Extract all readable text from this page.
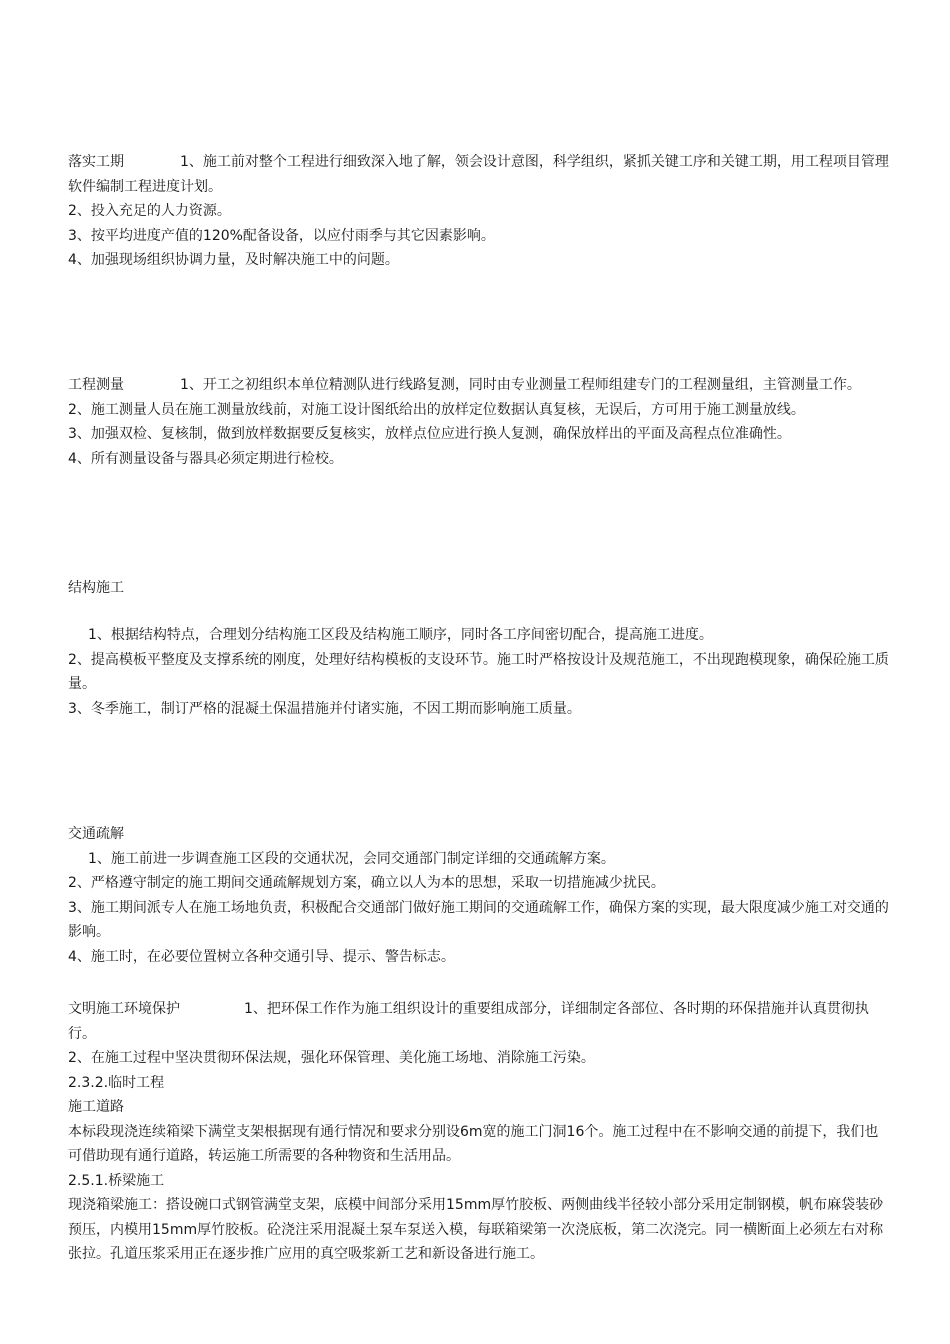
落实工期	1、施工前对整个工程进行细致深入地了解，领会设计意图，科学组织，紧抓关键工序和关键工期，用工程项目管理软件编制工程进度计划。
2、投入充足的人力资源。
3、按平均进度产值的120%配备设备，以应付雨季与其它因素影响。
4、加强现场组织协调力量，及时解决施工中的问题。
工程测量	1、开工之初组织本单位精测队进行线路复测，同时由专业测量工程师组建专门的工程测量组，主管测量工作。
2、施工测量人员在施工测量放线前，对施工设计图纸给出的放样定位数据认真复核，无误后，方可用于施工测量放线。
3、加强双检、复核制，做到放样数据要反复核实，放样点位应进行换人复测，确保放样出的平面及高程点位准确性。
4、所有测量设备与器具必须定期进行检校。
结构施工
1、根据结构特点，合理划分结构施工区段及结构施工顺序，同时各工序间密切配合，提高施工进度。
2、提高模板平整度及支撑系统的刚度，处理好结构模板的支设环节。施工时严格按设计及规范施工，不出现跑模现象，确保砼施工质量。
3、冬季施工，制订严格的混凝土保温措施并付诸实施，不因工期而影响施工质量。
交通疏解
1、施工前进一步调查施工区段的交通状况，会同交通部门制定详细的交通疏解方案。
2、严格遵守制定的施工期间交通疏解规划方案，确立以人为本的思想，采取一切措施减少扰民。
3、施工期间派专人在施工场地负责，积极配合交通部门做好施工期间的交通疏解工作，确保方案的实现，最大限度减少施工对交通的影响。
4、施工时，在必要位置树立各种交通引导、提示、警告标志。
文明施工环境保护	1、把环保工作作为施工组织设计的重要组成部分，详细制定各部位、各时期的环保措施并认真贯彻执行。
2、在施工过程中坚决贯彻环保法规，强化环保管理、美化施工场地、消除施工污染。
2.3.2.临时工程
施工道路
本标段现浇连续箱梁下满堂支架根据现有通行情况和要求分别设6m宽的施工门洞16个。施工过程中在不影响交通的前提下，我们也可借助现有通行道路，转运施工所需要的各种物资和生活用品。
2.5.1.桥梁施工
现浇箱梁施工：搭设碗口式钢管满堂支架，底模中间部分采用15mm厚竹胶板、两侧曲线半径较小部分采用定制钢模，帆布麻袋装砂预压，内模用15mm厚竹胶板。砼浇注采用混凝土泵车泵送入模，每联箱梁第一次浇底板，第二次浇完。同一横断面上必须左右对称张拉。孔道压浆采用正在逐步推广应用的真空吸浆新工艺和新设备进行施工。
